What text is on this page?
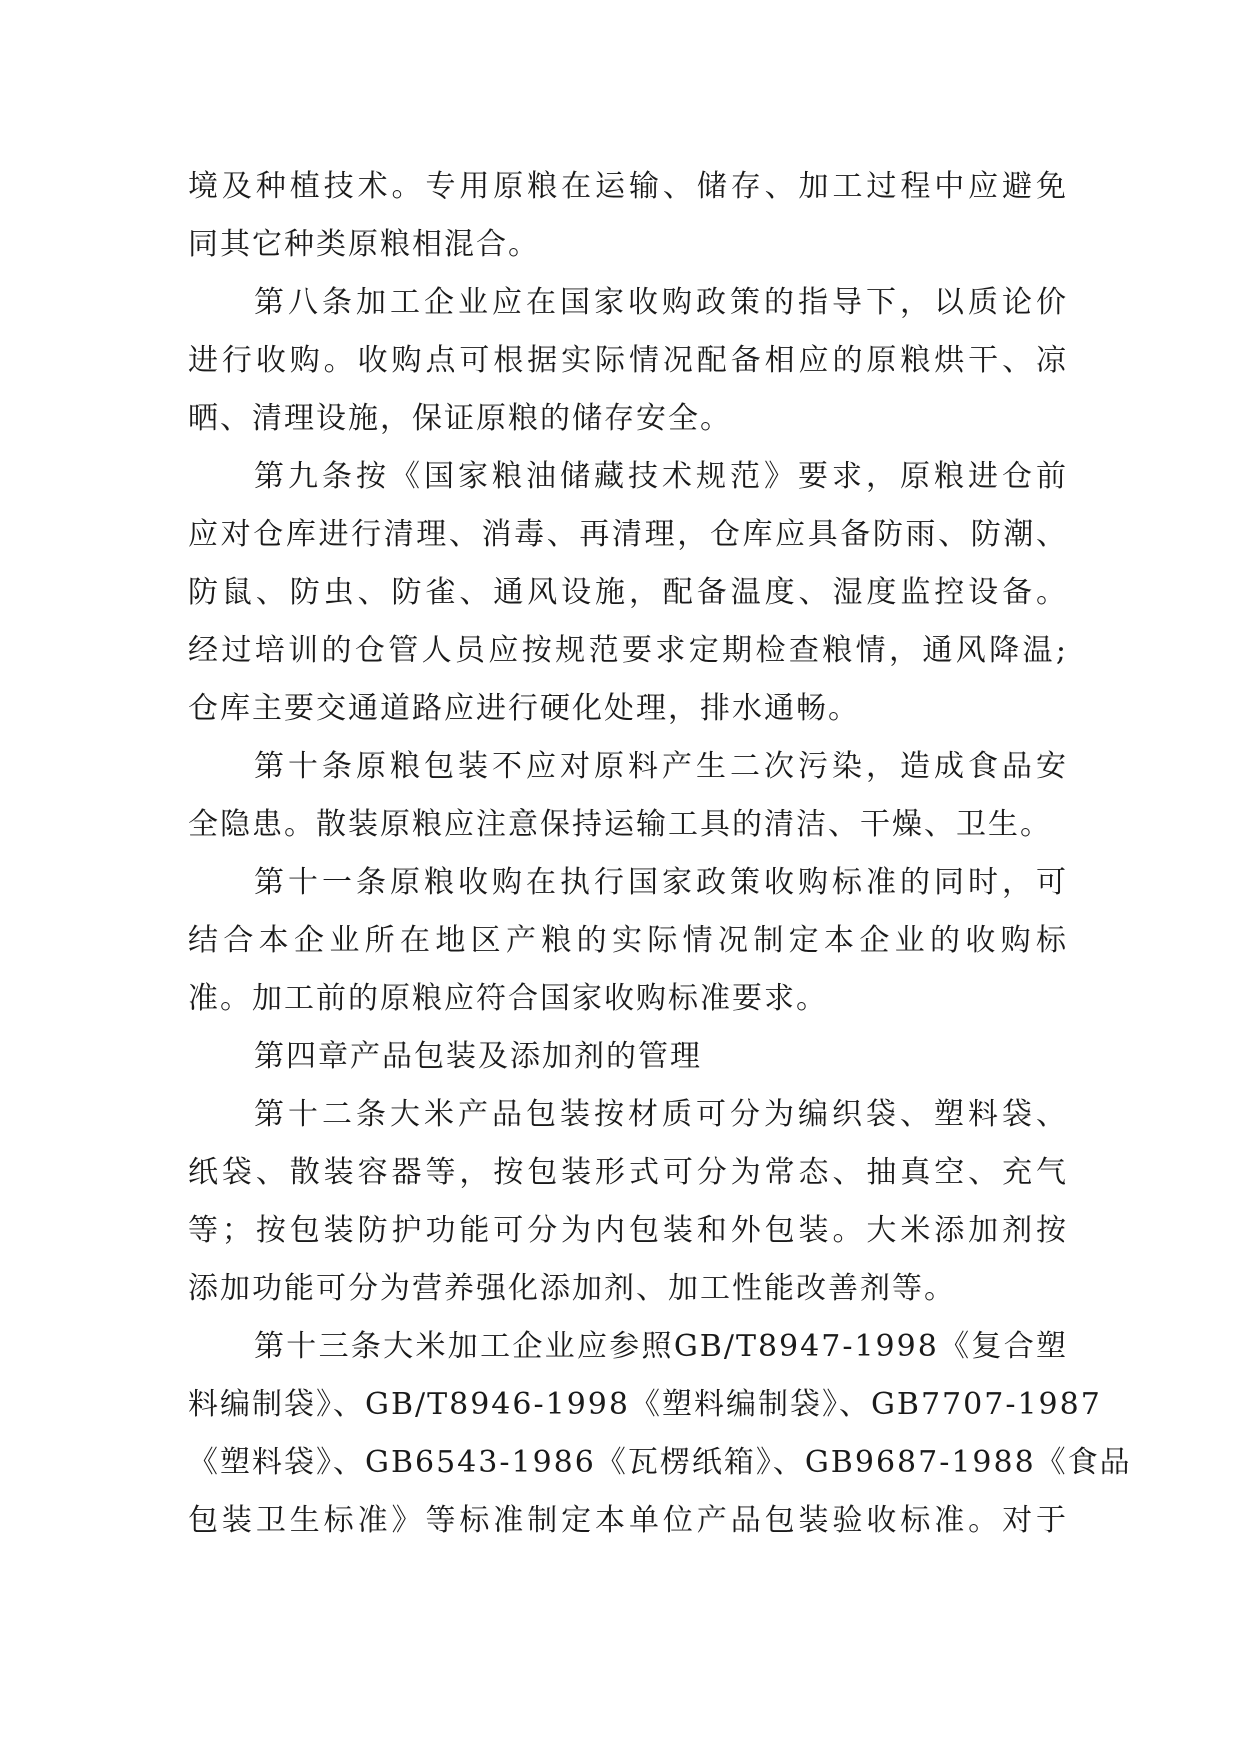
境及种植技术。专用原粮在运输、储存、加工过程中应避免
同其它种类原粮相混合。
第八条加工企业应在国家收购政策的指导下，以质论价
进行收购。收购点可根据实际情况配备相应的原粮烘干、凉
晒、清理设施，保证原粮的储存安全。
第九条按《国家粮油储藏技术规范》要求，原粮进仓前
应对仓库进行清理、消毒、再清理，仓库应具备防雨、防潮、
防鼠、防虫、防雀、通风设施，配备温度、湿度监控设备。
经过培训的仓管人员应按规范要求定期检查粮情，通风降温;
仓库主要交通道路应进行硬化处理，排水通畅。
第十条原粮包装不应对原料产生二次污染，造成食品安
全隐患。散装原粮应注意保持运输工具的清洁、干燥、卫生。
第十一条原粮收购在执行国家政策收购标准的同时，可
结合本企业所在地区产粮的实际情况制定本企业的收购标
准。加工前的原粮应符合国家收购标准要求。
第四章产品包装及添加剂的管理
第十二条大米产品包装按材质可分为编织袋、塑料袋、
纸袋、散装容器等，按包装形式可分为常态、抽真空、充气
等；按包装防护功能可分为内包装和外包装。大米添加剂按
添加功能可分为营养强化添加剂、加工性能改善剂等。
第十三条大米加工企业应参照GB/T8947-1998《复合塑
料编制袋》、GB/T8946-1998《塑料编制袋》、GB7707-1987
《塑料袋》、GB6543-1986《瓦楞纸箱》、GB9687-1988《食品
包装卫生标准》等标准制定本单位产品包装验收标准。对于
